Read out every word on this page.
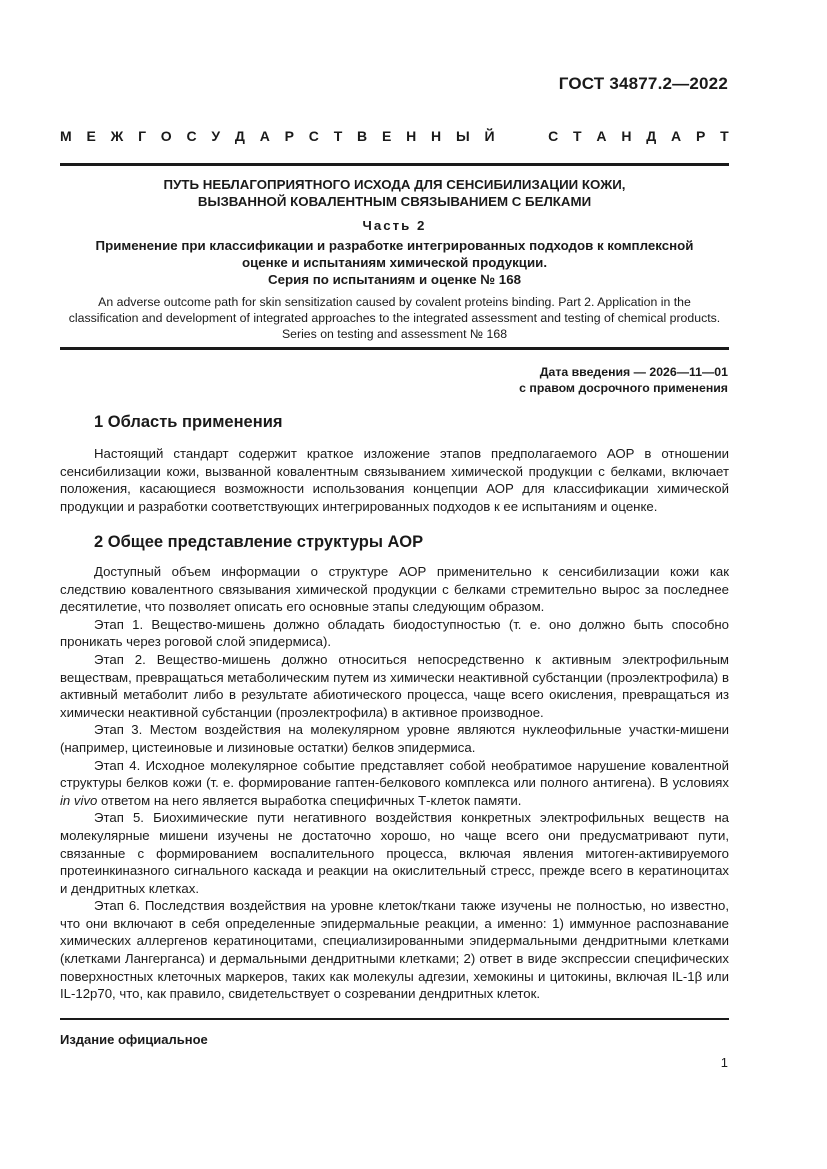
ГОСТ 34877.2—2022
М Е Ж Г О С У Д А Р С Т В Е Н Н Ы Й	С Т А Н Д А Р Т
ПУТЬ НЕБЛАГОПРИЯТНОГО ИСХОДА ДЛЯ СЕНСИБИЛИЗАЦИИ КОЖИ,
ВЫЗВАННОЙ КОВАЛЕНТНЫМ СВЯЗЫВАНИЕМ С БЕЛКАМИ
Часть 2
Применение при классификации и разработке интегрированных подходов к комплексной
оценке и испытаниям химической продукции.
Серия по испытаниям и оценке № 168
An adverse outcome path for skin sensitization caused by covalent proteins binding. Part 2. Application in the
classification and development of integrated approaches to the integrated assessment and testing of chemical products.
Series on testing and assessment № 168
Дата введения — 2026—11—01
с правом досрочного применения
1 Область применения

Настоящий стандарт содержит краткое изложение этапов предполагаемого АОР в отношении сенсибилизации кожи, вызванной ковалентным связыванием химической продукции с белками, включает положения, касающиеся возможности использования концепции АОР для классификации химической продукции и разработки соответствующих интегрированных подходов к ее испытаниям и оценке.

2 Общее представление структуры АОР

Доступный объем информации о структуре АОР применительно к сенсибилизации кожи как следствию ковалентного связывания химической продукции с белками стремительно вырос за последнее десятилетие, что позволяет описать его основные этапы следующим образом.

Этап 1. Вещество-мишень должно обладать биодоступностью (т. е. оно должно быть способно проникать через роговой слой эпидермиса).

Этап 2. Вещество-мишень должно относиться непосредственно к активным электрофильным веществам, превращаться метаболическим путем из химически неактивной субстанции (проэлектрофила) в активный метаболит либо в результате абиотического процесса, чаще всего окисления, превращаться из химически неактивной субстанции (проэлектрофила) в активное производное.

Этап 3. Местом воздействия на молекулярном уровне являются нуклеофильные участки-мишени (например, цистеиновые и лизиновые остатки) белков эпидермиса.

Этап 4. Исходное молекулярное событие представляет собой необратимое нарушение ковалентной структуры белков кожи (т. е. формирование гаптен-белкового комплекса или полного антигена). В условиях in vivo ответом на него является выработка специфичных Т-клеток памяти.

Этап 5. Биохимические пути негативного воздействия конкретных электрофильных веществ на молекулярные мишени изучены не достаточно хорошо, но чаще всего они предусматривают пути, связанные с формированием воспалительного процесса, включая явления митоген-активируемого протеинкиназного сигнального каскада и реакции на окислительный стресс, прежде всего в кератиноцитах и дендритных клетках.

Этап 6. Последствия воздействия на уровне клеток/ткани также изучены не полностью, но известно, что они включают в себя определенные эпидермальные реакции, а именно: 1) иммунное распознавание химических аллергенов кератиноцитами, специализированными эпидермальными дендритными клетками (клетками Лангерганса) и дермальными дендритными клетками; 2) ответ в виде экспрессии специфических поверхностных клеточных маркеров, таких как молекулы адгезии, хемокины и цитокины, включая IL-1β или IL-12p70, что, как правило, свидетельствует о созревании дендритных клеток.

Издание официальное
1
